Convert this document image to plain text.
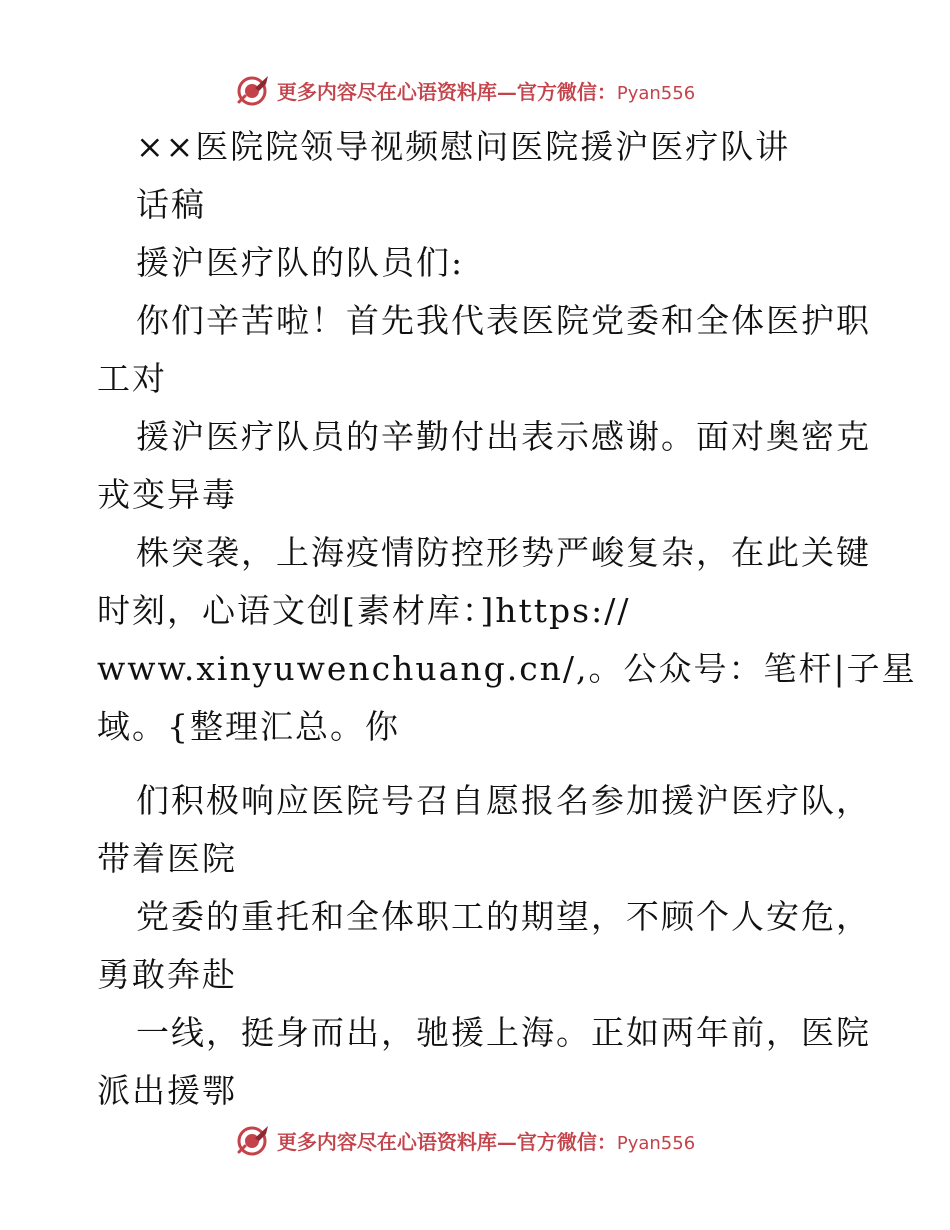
更多内容尽在心语资料库—官方微信：Pyan556
××医院院领导视频慰问医院援沪医疗队讲
话稿
援沪医疗队的队员们:
你们辛苦啦！首先我代表医院党委和全体医护职
工对
援沪医疗队员的辛勤付出表示感谢。面对奥密克
戎变异毒
株突袭，上海疫情防控形势严峻复杂，在此关键
时刻，心语文创[素材库：]https://
www.xinyuwenchuang.cn/,。公众号：笔杆|子星
域。{整理汇总。你
们积极响应医院号召自愿报名参加援沪医疗队，
带着医院
党委的重托和全体职工的期望，不顾个人安危，
勇敢奔赴
一线，挺身而出，驰援上海。正如两年前，医院
派出援鄂
更多内容尽在心语资料库—官方微信：Pyan556
